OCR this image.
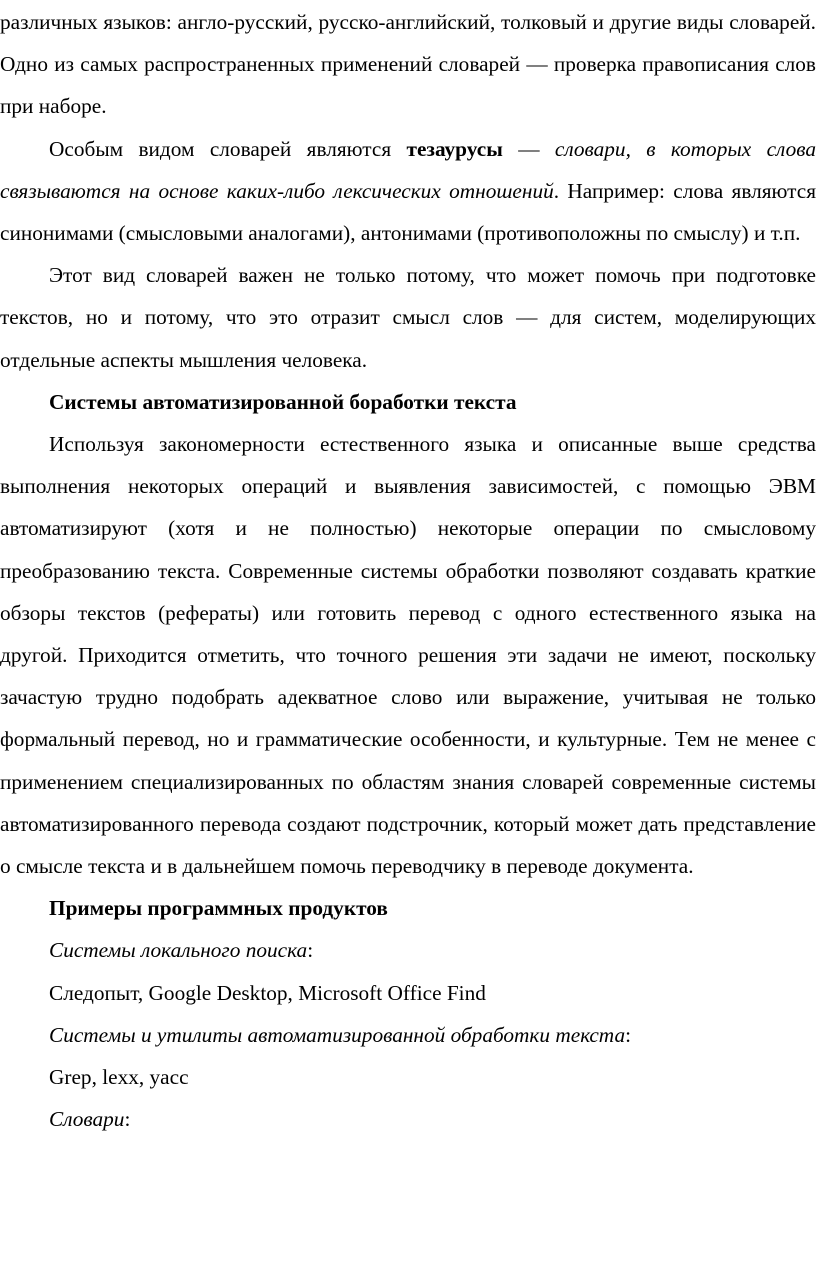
различных языков: англо-русский, русско-английский, толковый и другие виды словарей. Одно из самых распространенных применений словарей — проверка правописания слов при наборе.

Особым видом словарей являются тезаурусы — словари, в которых слова связываются на основе каких-либо лексических отношений. Например: слова являются синонимами (смысловыми аналогами), антонимами (противоположны по смыслу) и т.п.

Этот вид словарей важен не только потому, что может помочь при подготовке текстов, но и потому, что это отразит смысл слов — для систем, моделирующих отдельные аспекты мышления человека.

Системы автоматизированной боработки текста

Используя закономерности естественного языка и описанные выше средства выполнения некоторых операций и выявления зависимостей, с помощью ЭВМ автоматизируют (хотя и не полностью) некоторые операции по смысловому преобразованию текста. Современные системы обработки позволяют создавать краткие обзоры текстов (рефераты) или готовить перевод с одного естественного языка на другой. Приходится отметить, что точного решения эти задачи не имеют, поскольку зачастую трудно подобрать адекватное слово или выражение, учитывая не только формальный перевод, но и грамматические особенности, и культурные. Тем не менее с применением специализированных по областям знания словарей современные системы автоматизированного перевода создают подстрочник, который может дать представление о смысле текста и в дальнейшем помочь переводчику в переводе документа.

Примеры программных продуктов

Системы локального поиска:

Следопыт, Google Desktop, Microsoft Office Find

Системы и утилиты автоматизированной обработки текста:

Grep, lexx, yacc

Словари:
